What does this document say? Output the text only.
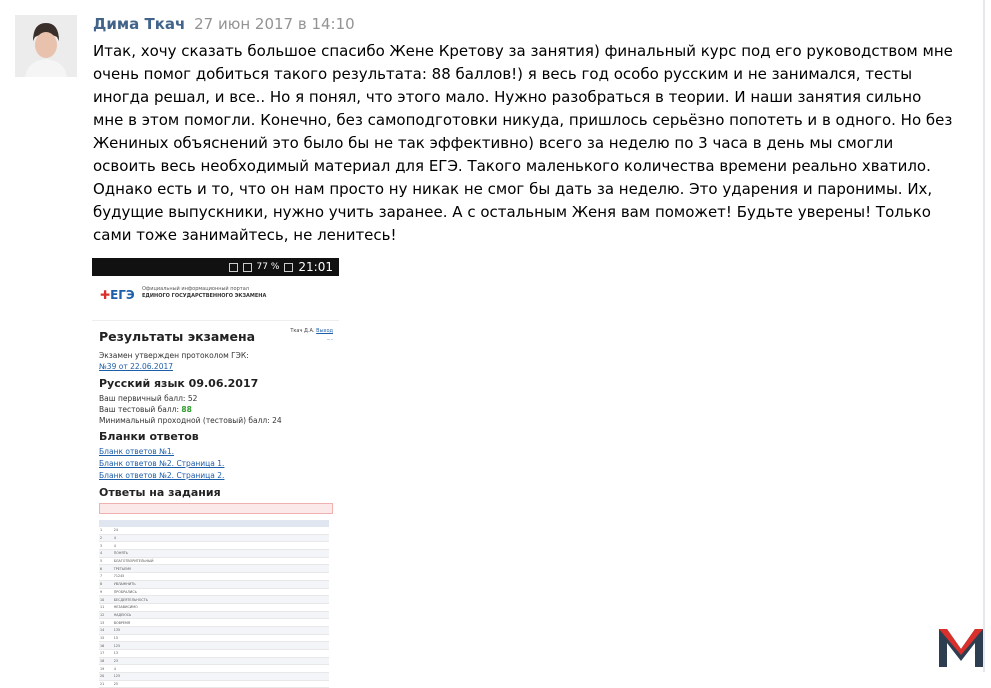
Дима Ткач 27 июн 2017 в 14:10

Итак, хочу сказать большое спасибо Жене Кретову за занятия) финальный курс под его руководством мне очень помог добиться такого результата: 88 баллов!) я весь год особо русским и не занимался, тесты иногда решал, и все.. Но я понял, что этого мало. Нужно разобраться в теории. И наши занятия сильно мне в этом помогли. Конечно, без самоподготовки никуда, пришлось серьёзно попотеть и в одного. Но без Жениных объяснений это было бы не так эффективно) всего за неделю по 3 часа в день мы смогли освоить весь необходимый материал для ЕГЭ. Такого маленького количества времени реально хватило. Однако есть и то, что он нам просто ну никак не смог бы дать за неделю. Это ударения и паронимы. Их, будущие выпускники, нужно учить заранее. А с остальным Женя вам поможет! Будьте уверены! Только сами тоже занимайтесь, не ленитесь!

77 % 21:01
✚ЕГЭ Официальный информационный портал
ЕДИНОГО ГОСУДАРСТВЕННОГО ЭКЗАМЕНА
Ткач Д.А. Выход
·····
Результаты экзамена
Экзамен утвержден протоколом ГЭК:
№39 от 22.06.2017
Русский язык 09.06.2017
Ваш первичный балл: 52
Ваш тестовый балл: 88
Минимальный проходной (тестовый) балл: 24
Бланки ответов
Бланк ответов №1.
Бланк ответов №2. Страница 1.
Бланк ответов №2. Страница 2.
Ответы на задания

1	24			
2	4			
3	4			
4	ПОНЯТЬ			
5	БЛАГОТВОРИТЕЛЬНЫЙ			
6	ТРЕТЬЕМУ			
7	71245			
8	УВЛАЖНИТЬ			
9	ПРОБРАЛИСЬ			
10	БЕСДЕЯТЕЛЬНОСТЬ			
11	НЕЗАВИСИМО			
12	НАДЕЮСЬ			
13	ВОВРЕМЯ			
14	135			
15	15			
16	125			
17	13			
18	23			
19	4			
20	125			
21	25			
